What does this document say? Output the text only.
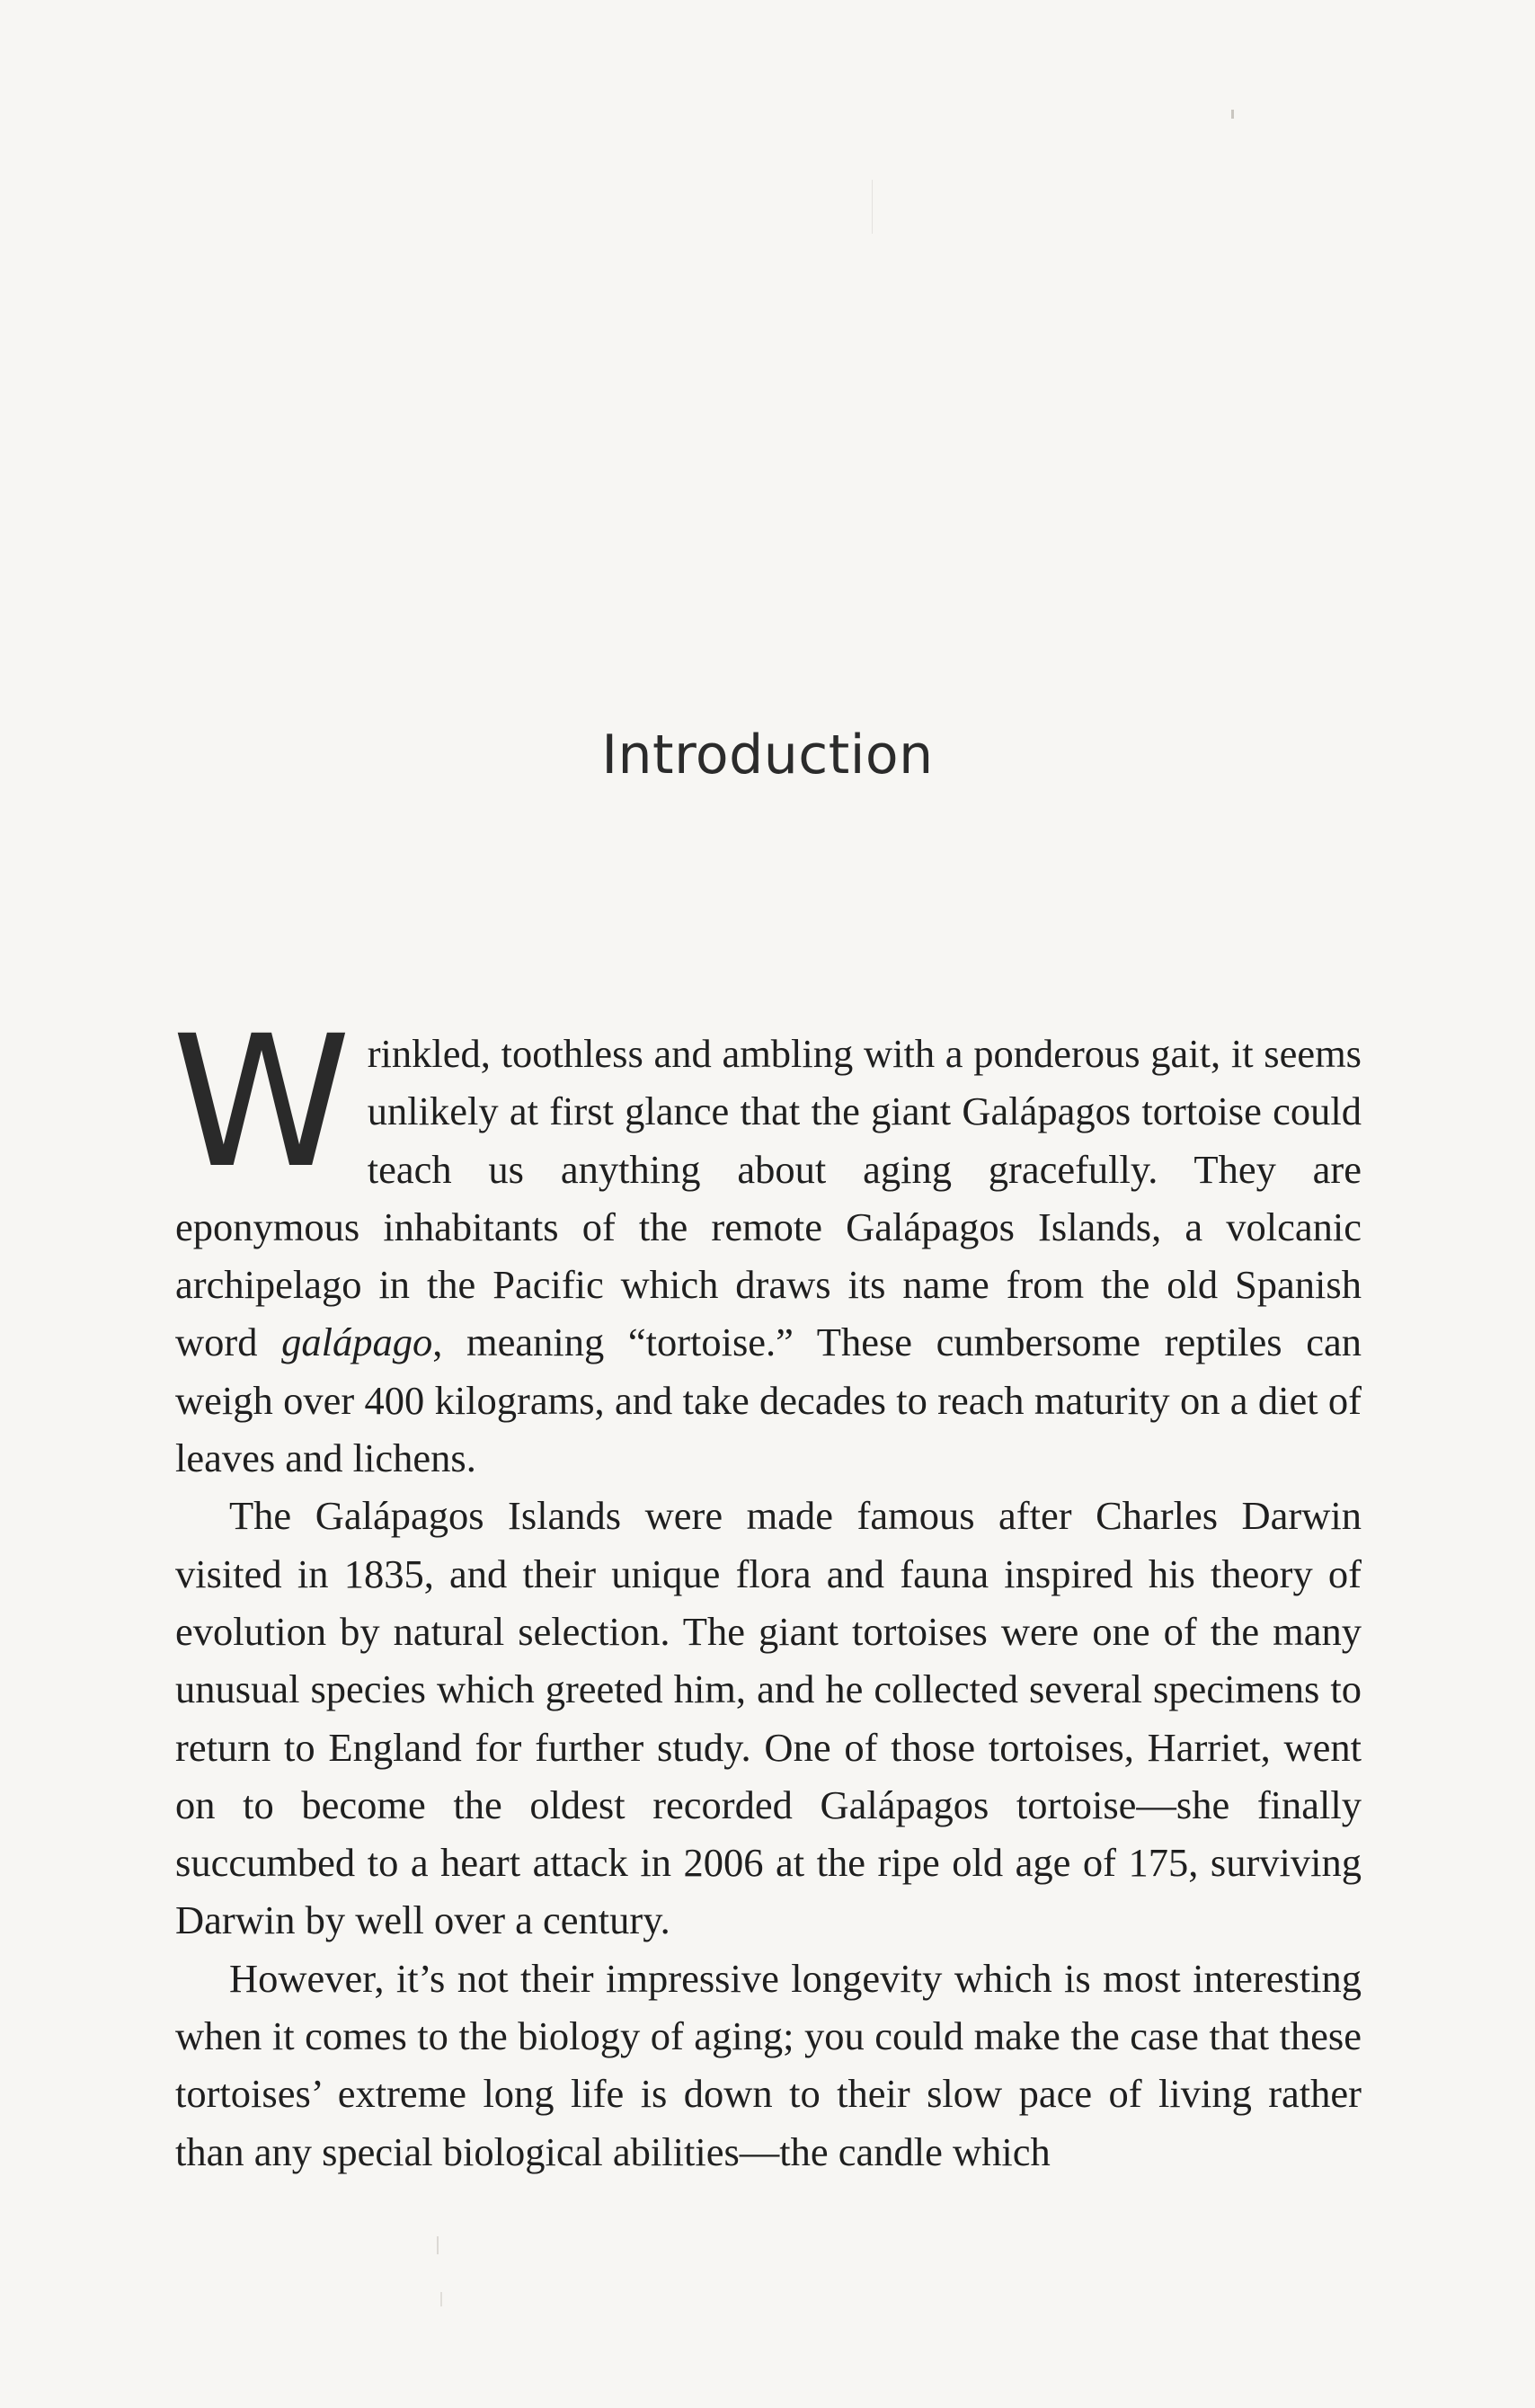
Introduction

Wrinkled, toothless and ambling with a ponderous gait, it seems unlikely at first glance that the giant Galápagos tortoise could teach us anything about aging gracefully. They are eponymous inhabitants of the remote Galápagos Islands, a volcanic archipelago in the Pacific which draws its name from the old Spanish word galápago, meaning “tortoise.” These cumbersome reptiles can weigh over 400 kilograms, and take decades to reach maturity on a diet of leaves and lichens.

The Galápagos Islands were made famous after Charles Darwin visited in 1835, and their unique flora and fauna inspired his theory of evolution by natural selection. The giant tortoises were one of the many unusual species which greeted him, and he collected several specimens to return to England for further study. One of those tortoises, Harriet, went on to become the oldest recorded Galápagos tortoise—she finally succumbed to a heart attack in 2006 at the ripe old age of 175, surviving Darwin by well over a century.

However, it’s not their impressive longevity which is most interesting when it comes to the biology of aging; you could make the case that these tortoises’ extreme long life is down to their slow pace of living rather than any special biological abilities—the candle which
